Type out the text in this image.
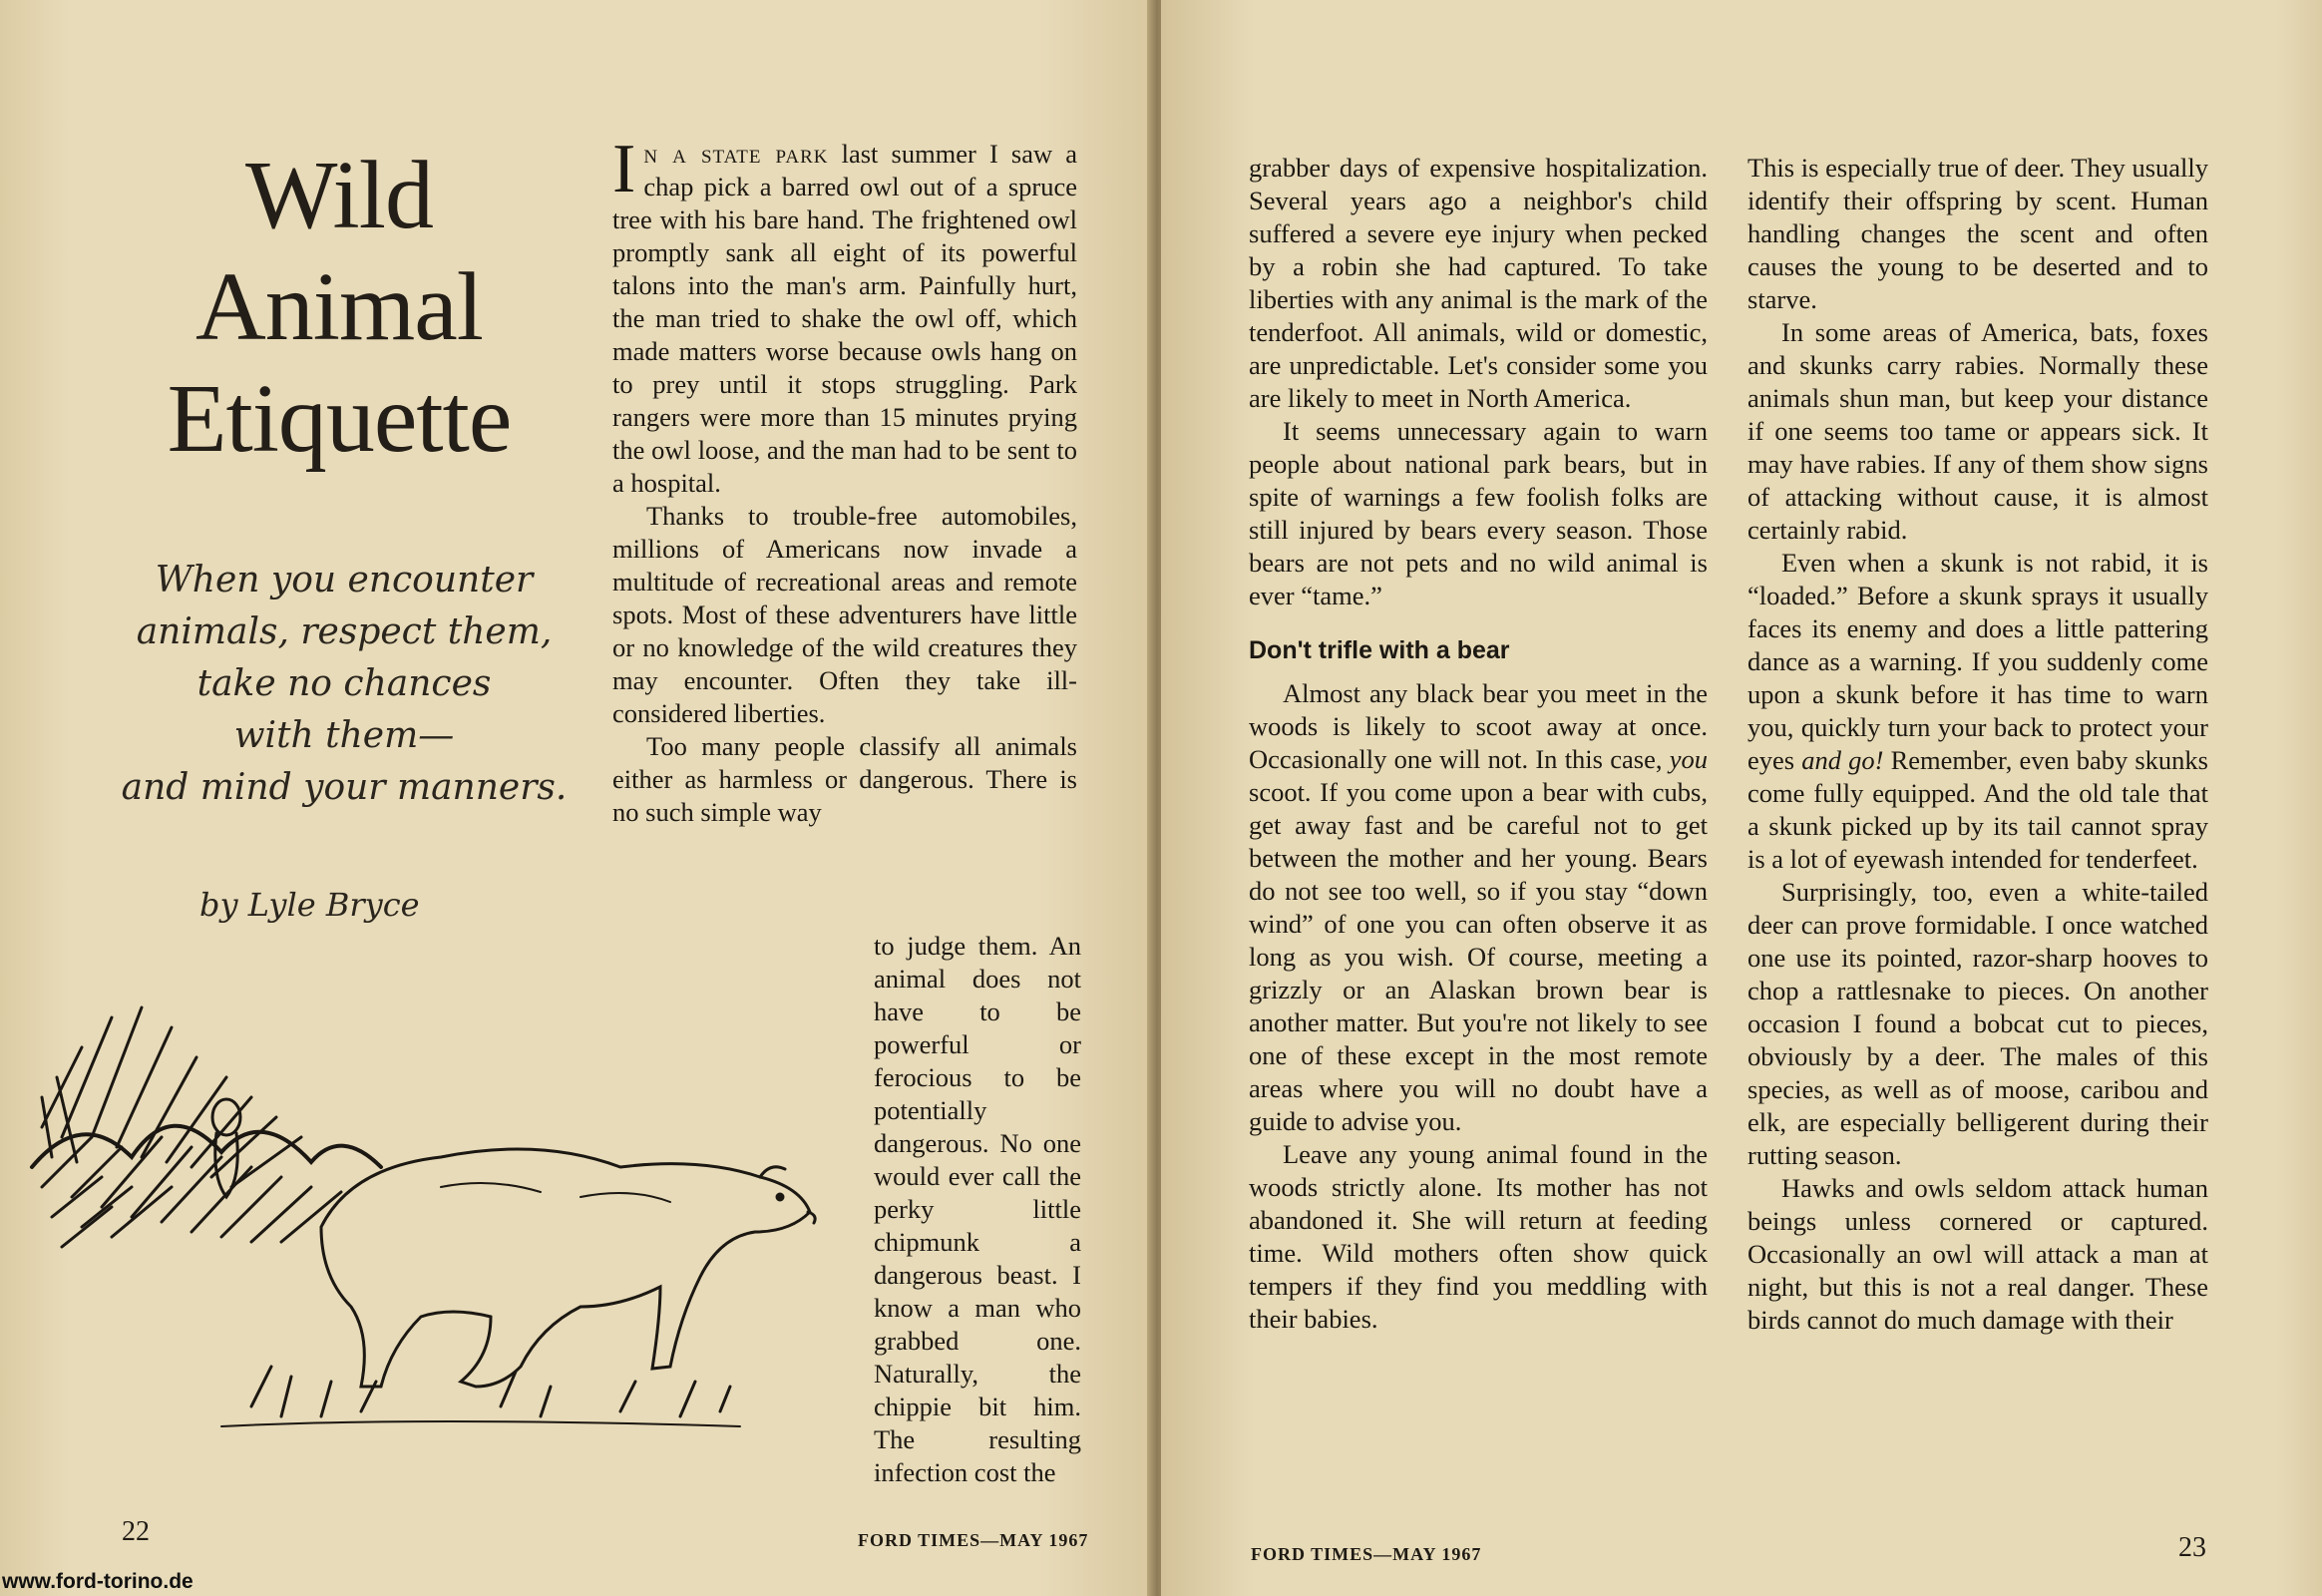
Wild
Animal
Etiquette
When you encounter
animals, respect them,
take no chances
with them—
and mind your manners.
by Lyle Bryce

In a state park last summer I saw a chap pick a barred owl out of a spruce tree with his bare hand. The frightened owl promptly sank all eight of its powerful talons into the man's arm. Painfully hurt, the man tried to shake the owl off, which made matters worse because owls hang on to prey until it stops struggling. Park rangers were more than 15 minutes prying the owl loose, and the man had to be sent to a hospital.

Thanks to trouble-free automobiles, millions of Americans now invade a multitude of recreational areas and remote spots. Most of these adventurers have little or no knowledge of the wild creatures they may encounter. Often they take ill-considered liberties.

Too many people classify all animals either as harmless or dangerous. There is no such simple way

to judge them. An animal does not have to be powerful or ferocious to be potentially dangerous. No one would ever call the perky little chipmunk a dangerous beast. I know a man who grabbed one. Naturally, the chippie bit him. The resulting infection cost the

22	FORD TIMES—MAY 1967

grabber days of expensive hospitalization. Several years ago a neighbor's child suffered a severe eye injury when pecked by a robin she had captured. To take liberties with any animal is the mark of the tenderfoot. All animals, wild or domestic, are unpredictable. Let's consider some you are likely to meet in North America.

It seems unnecessary again to warn people about national park bears, but in spite of warnings a few foolish folks are still injured by bears every season. Those bears are not pets and no wild animal is ever “tame.”

Don't trifle with a bear

Almost any black bear you meet in the woods is likely to scoot away at once. Occasionally one will not. In this case, you scoot. If you come upon a bear with cubs, get away fast and be careful not to get between the mother and her young. Bears do not see too well, so if you stay “down wind” of one you can often observe it as long as you wish. Of course, meeting a grizzly or an Alaskan brown bear is another matter. But you're not likely to see one of these except in the most remote areas where you will no doubt have a guide to advise you.

Leave any young animal found in the woods strictly alone. Its mother has not abandoned it. She will return at feeding time. Wild mothers often show quick tempers if they find you meddling with their babies.

This is especially true of deer. They usually identify their offspring by scent. Human handling changes the scent and often causes the young to be deserted and to starve.

In some areas of America, bats, foxes and skunks carry rabies. Normally these animals shun man, but keep your distance if one seems too tame or appears sick. It may have rabies. If any of them show signs of attacking without cause, it is almost certainly rabid.

Even when a skunk is not rabid, it is “loaded.” Before a skunk sprays it usually faces its enemy and does a little pattering dance as a warning. If you suddenly come upon a skunk before it has time to warn you, quickly turn your back to protect your eyes and go! Remember, even baby skunks come fully equipped. And the old tale that a skunk picked up by its tail cannot spray is a lot of eyewash intended for tenderfeet.

Surprisingly, too, even a white-tailed deer can prove formidable. I once watched one use its pointed, razor-sharp hooves to chop a rattlesnake to pieces. On another occasion I found a bobcat cut to pieces, obviously by a deer. The males of this species, as well as of moose, caribou and elk, are especially belligerent during their rutting season.

Hawks and owls seldom attack human beings unless cornered or captured. Occasionally an owl will attack a man at night, but this is not a real danger. These birds cannot do much damage with their

FORD TIMES—MAY 1967	23
www.ford-torino.de
